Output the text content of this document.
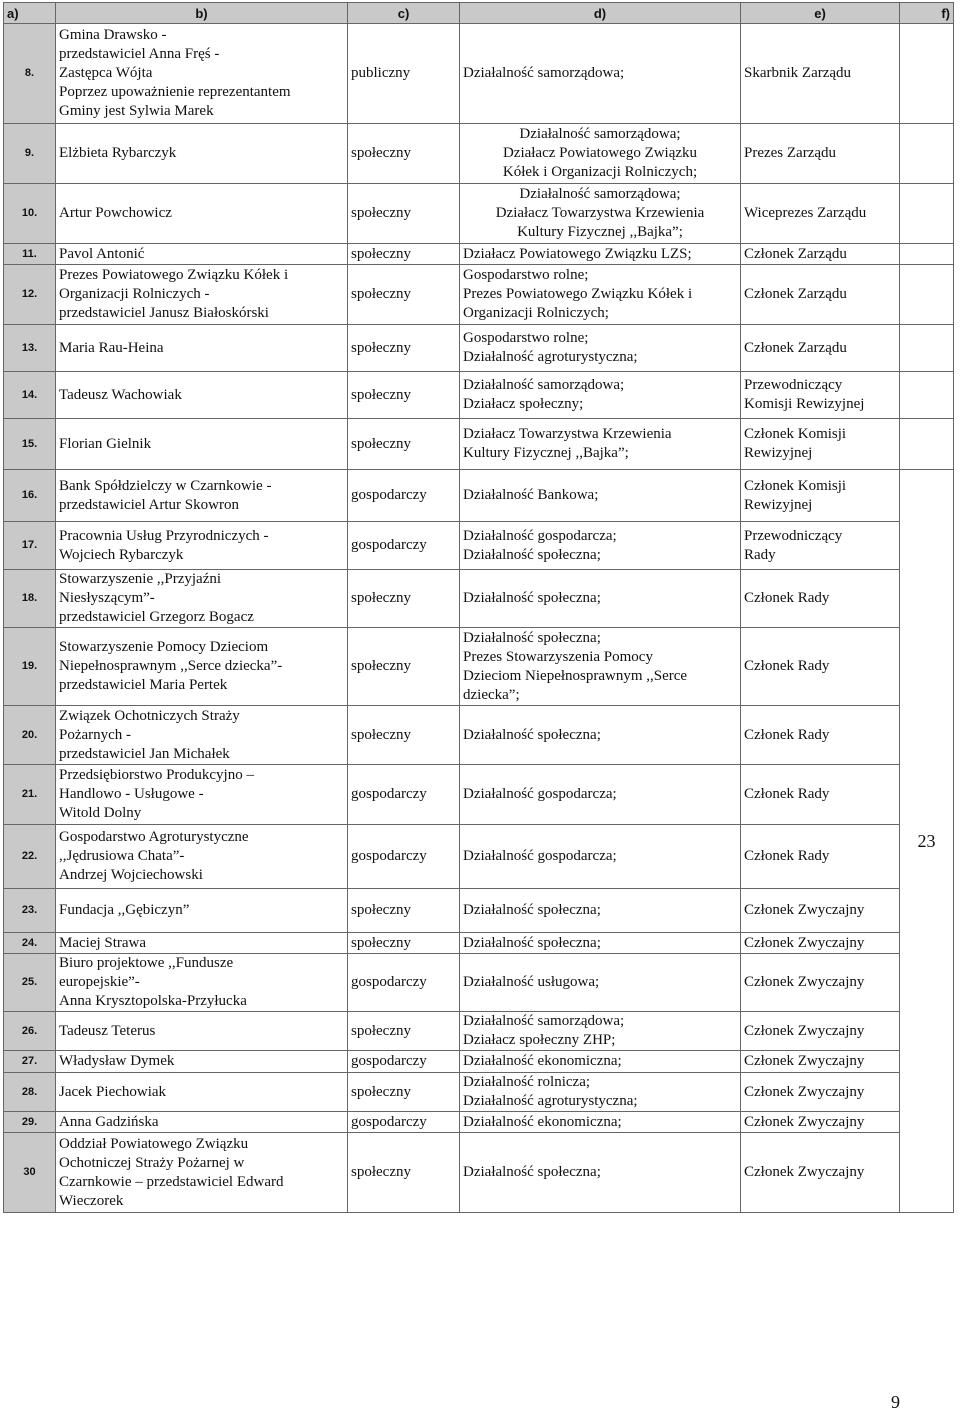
a)	b)	c)	d)	e)	f)
8.	Gmina Drawsko -
przedstawiciel Anna Fręś -
Zastępca Wójta
Poprzez upoważnienie reprezentantem
Gminy jest Sylwia Marek	publiczny	Działalność samorządowa;	Skarbnik Zarządu	
9.	Elżbieta Rybarczyk	społeczny	Działalność samorządowa;
Działacz Powiatowego Związku
Kółek i Organizacji Rolniczych;	Prezes Zarządu	
10.	Artur Powchowicz	społeczny	Działalność samorządowa;
Działacz Towarzystwa Krzewienia
Kultury Fizycznej ,,Bajka”;	Wiceprezes Zarządu	
11.	Pavol Antonić	społeczny	Działacz Powiatowego Związku LZS;	Członek Zarządu	
12.	Prezes Powiatowego Związku Kółek i
Organizacji Rolniczych -
przedstawiciel Janusz Białoskórski	społeczny	Gospodarstwo rolne;
Prezes Powiatowego Związku Kółek i
Organizacji Rolniczych;	Członek Zarządu	
13.	Maria Rau-Heina	społeczny	Gospodarstwo rolne;
Działalność agroturystyczna;	Członek Zarządu	
14.	Tadeusz Wachowiak	społeczny	Działalność samorządowa;
Działacz społeczny;	Przewodniczący
Komisji Rewizyjnej	
15.	Florian Gielnik	społeczny	Działacz Towarzystwa Krzewienia
Kultury Fizycznej ,,Bajka”;	Członek Komisji
Rewizyjnej	
16.	Bank Spółdzielczy w Czarnkowie -
przedstawiciel Artur Skowron	gospodarczy	Działalność Bankowa;	Członek Komisji
Rewizyjnej	23
17.	Pracownia Usług Przyrodniczych -
Wojciech Rybarczyk	gospodarczy	Działalność gospodarcza;
Działalność społeczna;	Przewodniczący
Rady	
18.	Stowarzyszenie ,,Przyjaźni
Niesłyszącym”-
przedstawiciel Grzegorz Bogacz	społeczny	Działalność społeczna;	Członek Rady	
19.	Stowarzyszenie Pomocy Dzieciom
Niepełnosprawnym ,,Serce dziecka”-
przedstawiciel Maria Pertek	społeczny	Działalność społeczna;
Prezes Stowarzyszenia Pomocy
Dzieciom Niepełnosprawnym ,,Serce
dziecka”;	Członek Rady	
20.	Związek Ochotniczych Straży
Pożarnych -
przedstawiciel Jan Michałek	społeczny	Działalność społeczna;	Członek Rady	
21.	Przedsiębiorstwo Produkcyjno –
Handlowo - Usługowe -
Witold Dolny	gospodarczy	Działalność gospodarcza;	Członek Rady	
22.	Gospodarstwo Agroturystyczne
,,Jędrusiowa Chata”-
Andrzej Wojciechowski	gospodarczy	Działalność gospodarcza;	Członek Rady	
23.	Fundacja ,,Gębiczyn”	społeczny	Działalność społeczna;	Członek Zwyczajny	
24.	Maciej Strawa	społeczny	Działalność społeczna;	Członek Zwyczajny	
25.	Biuro projektowe ,,Fundusze
europejskie”-
Anna Krysztopolska-Przyłucka	gospodarczy	Działalność usługowa;	Członek Zwyczajny	
26.	Tadeusz Teterus	społeczny	Działalność samorządowa;
Działacz społeczny ZHP;	Członek Zwyczajny	
27.	Władysław Dymek	gospodarczy	Działalność ekonomiczna;	Członek Zwyczajny	
28.	Jacek Piechowiak	społeczny	Działalność rolnicza;
Działalność agroturystyczna;	Członek Zwyczajny	
29.	Anna Gadzińska	gospodarczy	Działalność ekonomiczna;	Członek Zwyczajny	
30	Oddział Powiatowego Związku
Ochotniczej Straży Pożarnej w
Czarnkowie – przedstawiciel Edward
Wieczorek	społeczny	Działalność społeczna;	Członek Zwyczajny	
9
